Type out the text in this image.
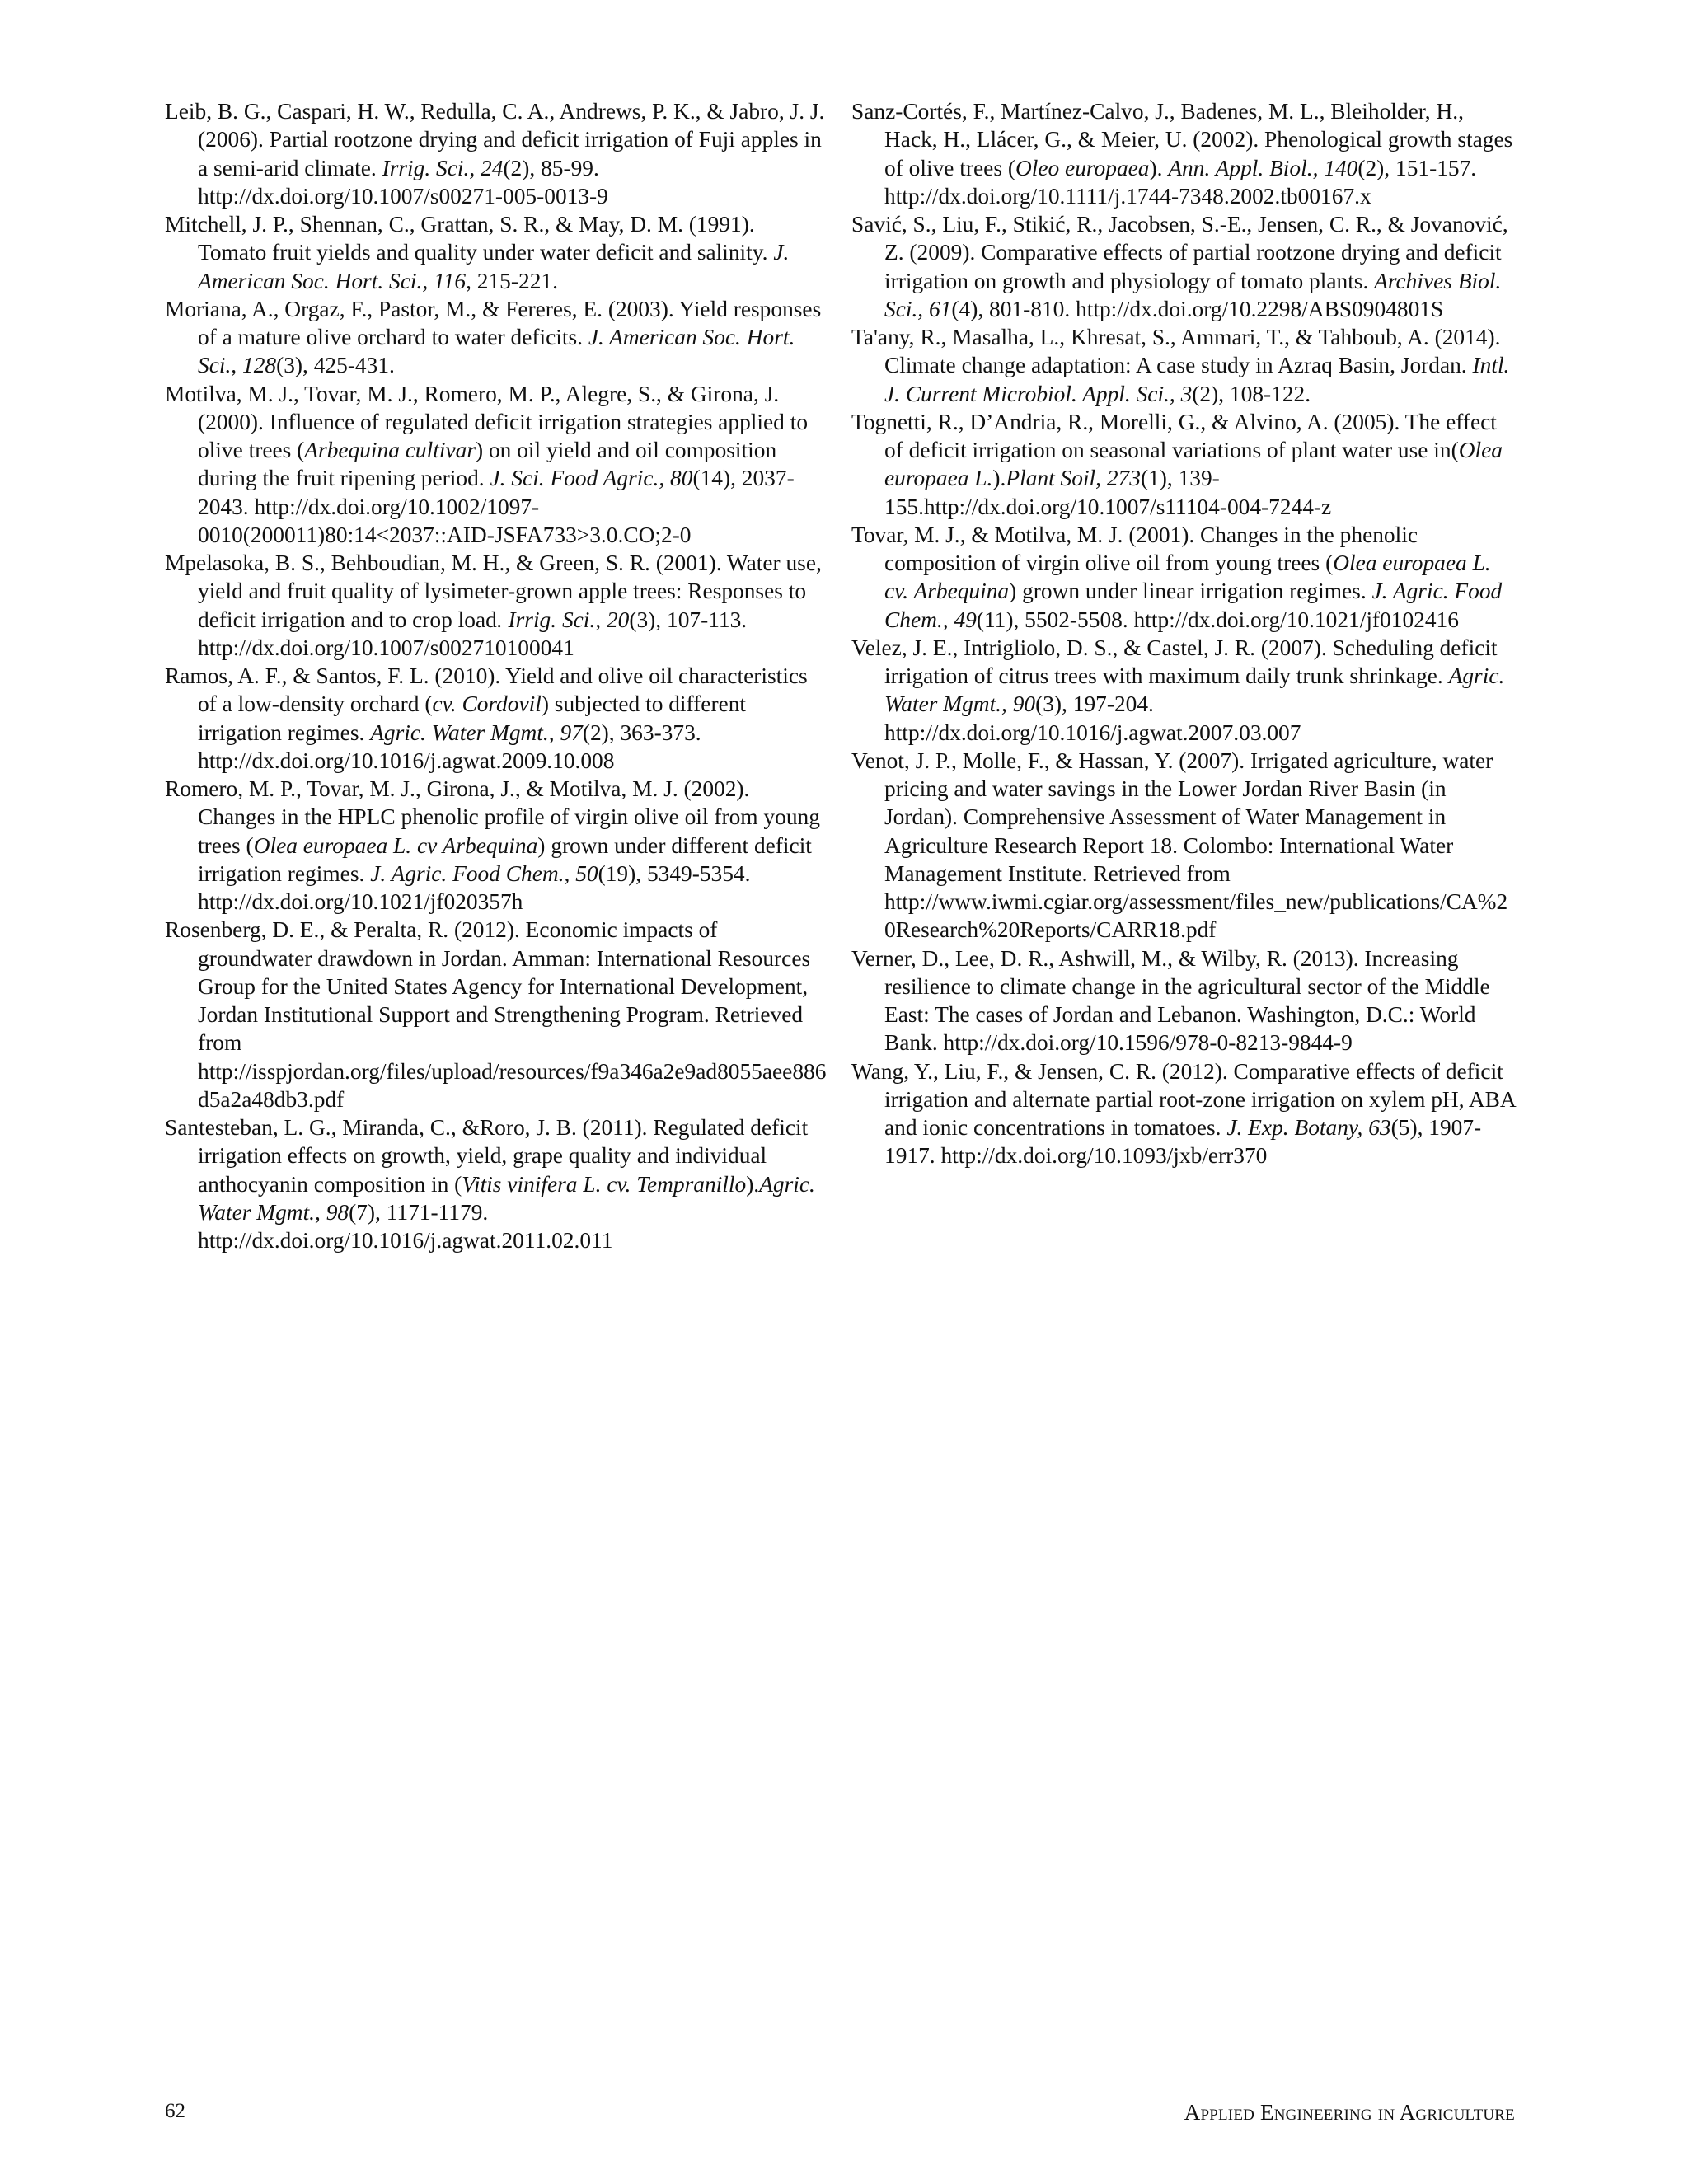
Leib, B. G., Caspari, H. W., Redulla, C. A., Andrews, P. K., & Jabro, J. J. (2006). Partial rootzone drying and deficit irrigation of Fuji apples in a semi-arid climate. Irrig. Sci., 24(2), 85-99. http://dx.doi.org/10.1007/s00271-005-0013-9

Mitchell, J. P., Shennan, C., Grattan, S. R., & May, D. M. (1991). Tomato fruit yields and quality under water deficit and salinity. J. American Soc. Hort. Sci., 116, 215-221.

Moriana, A., Orgaz, F., Pastor, M., & Fereres, E. (2003). Yield responses of a mature olive orchard to water deficits. J. American Soc. Hort. Sci., 128(3), 425-431.

Motilva, M. J., Tovar, M. J., Romero, M. P., Alegre, S., & Girona, J. (2000). Influence of regulated deficit irrigation strategies applied to olive trees (Arbequina cultivar) on oil yield and oil composition during the fruit ripening period. J. Sci. Food Agric., 80(14), 2037-2043. http://dx.doi.org/10.1002/1097-0010(200011)80:14<2037::AID-JSFA733>3.0.CO;2-0

Mpelasoka, B. S., Behboudian, M. H., & Green, S. R. (2001). Water use, yield and fruit quality of lysimeter-grown apple trees: Responses to deficit irrigation and to crop load. Irrig. Sci., 20(3), 107-113. http://dx.doi.org/10.1007/s002710100041

Ramos, A. F., & Santos, F. L. (2010). Yield and olive oil characteristics of a low-density orchard (cv. Cordovil) subjected to different irrigation regimes. Agric. Water Mgmt., 97(2), 363-373. http://dx.doi.org/10.1016/j.agwat.2009.10.008

Romero, M. P., Tovar, M. J., Girona, J., & Motilva, M. J. (2002). Changes in the HPLC phenolic profile of virgin olive oil from young trees (Olea europaea L. cv Arbequina) grown under different deficit irrigation regimes. J. Agric. Food Chem., 50(19), 5349-5354. http://dx.doi.org/10.1021/jf020357h

Rosenberg, D. E., & Peralta, R. (2012). Economic impacts of groundwater drawdown in Jordan. Amman: International Resources Group for the United States Agency for International Development, Jordan Institutional Support and Strengthening Program. Retrieved from http://isspjordan.org/files/upload/resources/f9a346a2e9ad8055aee886d5a2a48db3.pdf

Santesteban, L. G., Miranda, C., &Roro, J. B. (2011). Regulated deficit irrigation effects on growth, yield, grape quality and individual anthocyanin composition in (Vitis vinifera L. cv. Tempranillo).Agric. Water Mgmt., 98(7), 1171-1179. http://dx.doi.org/10.1016/j.agwat.2011.02.011

Sanz-Cortés, F., Martínez-Calvo, J., Badenes, M. L., Bleiholder, H., Hack, H., Llácer, G., & Meier, U. (2002). Phenological growth stages of olive trees (Oleo europaea). Ann. Appl. Biol., 140(2), 151-157. http://dx.doi.org/10.1111/j.1744-7348.2002.tb00167.x

Savić, S., Liu, F., Stikić, R., Jacobsen, S.-E., Jensen, C. R., & Jovanović, Z. (2009). Comparative effects of partial rootzone drying and deficit irrigation on growth and physiology of tomato plants. Archives Biol. Sci., 61(4), 801-810. http://dx.doi.org/10.2298/ABS0904801S

Ta'any, R., Masalha, L., Khresat, S., Ammari, T., & Tahboub, A. (2014). Climate change adaptation: A case study in Azraq Basin, Jordan. Intl. J. Current Microbiol. Appl. Sci., 3(2), 108-122.

Tognetti, R., D’Andria, R., Morelli, G., & Alvino, A. (2005). The effect of deficit irrigation on seasonal variations of plant water use in(Olea europaea L.).Plant Soil, 273(1), 139-155.http://dx.doi.org/10.1007/s11104-004-7244-z

Tovar, M. J., & Motilva, M. J. (2001). Changes in the phenolic composition of virgin olive oil from young trees (Olea europaea L. cv. Arbequina) grown under linear irrigation regimes. J. Agric. Food Chem., 49(11), 5502-5508. http://dx.doi.org/10.1021/jf0102416

Velez, J. E., Intrigliolo, D. S., & Castel, J. R. (2007). Scheduling deficit irrigation of citrus trees with maximum daily trunk shrinkage. Agric. Water Mgmt., 90(3), 197-204. http://dx.doi.org/10.1016/j.agwat.2007.03.007

Venot, J. P., Molle, F., & Hassan, Y. (2007). Irrigated agriculture, water pricing and water savings in the Lower Jordan River Basin (in Jordan). Comprehensive Assessment of Water Management in Agriculture Research Report 18. Colombo: International Water Management Institute. Retrieved from http://www.iwmi.cgiar.org/assessment/files_new/publications/CA%20Research%20Reports/CARR18.pdf

Verner, D., Lee, D. R., Ashwill, M., & Wilby, R. (2013). Increasing resilience to climate change in the agricultural sector of the Middle East: The cases of Jordan and Lebanon. Washington, D.C.: World Bank. http://dx.doi.org/10.1596/978-0-8213-9844-9

Wang, Y., Liu, F., & Jensen, C. R. (2012). Comparative effects of deficit irrigation and alternate partial root-zone irrigation on xylem pH, ABA and ionic concentrations in tomatoes. J. Exp. Botany, 63(5), 1907-1917. http://dx.doi.org/10.1093/jxb/err370

62	Applied Engineering in Agriculture
